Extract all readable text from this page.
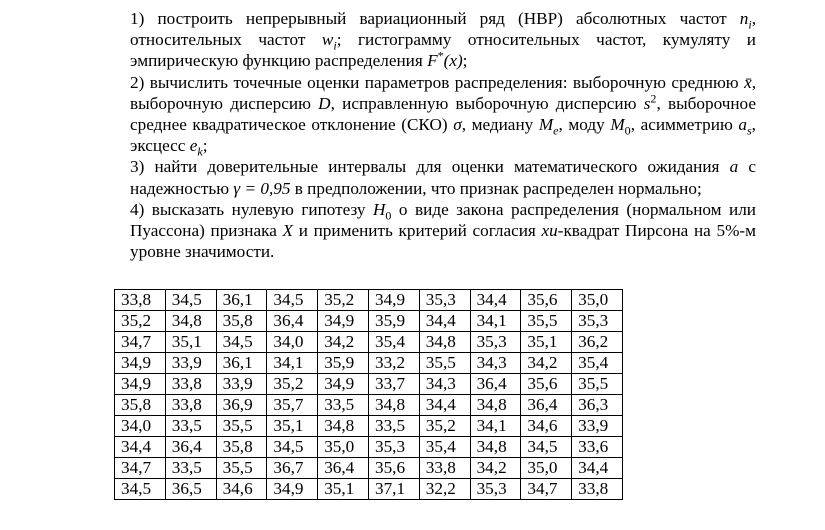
1) построить непрерывный вариационный ряд (НВР) абсолютных частот $n_i$, относительных частот $w_i$; гистограмму относительных частот, кумуляту и эмпирическую функцию распределения F*(x);

2) вычислить точечные оценки параметров распределения: выборочную среднюю x̄, выборочную дисперсию D, исправленную выборочную дисперсию $s^2$, выборочное среднее квадратическое отклонение (СКО) σ, медиану $M_e$, моду $M_0$, асимметрию $a_s$, эксцесс $e_k$;

3) найти доверительные интервалы для оценки математического ожидания a с надежностью γ = 0,95 в предположении, что признак распределен нормально;

4) высказать нулевую гипотезу $H_0$ о виде закона распределения (нормальном или Пуассона) признака X и применить критерий согласия хи-квадрат Пирсона на 5%-м уровне значимости.

33,8	34,5	36,1	34,5	35,2	34,9	35,3	34,4	35,6	35,0
35,2	34,8	35,8	36,4	34,9	35,9	34,4	34,1	35,5	35,3
34,7	35,1	34,5	34,0	34,2	35,4	34,8	35,3	35,1	36,2
34,9	33,9	36,1	34,1	35,9	33,2	35,5	34,3	34,2	35,4
34,9	33,8	33,9	35,2	34,9	33,7	34,3	36,4	35,6	35,5
35,8	33,8	36,9	35,7	33,5	34,8	34,4	34,8	36,4	36,3
34,0	33,5	35,5	35,1	34,8	33,5	35,2	34,1	34,6	33,9
34,4	36,4	35,8	34,5	35,0	35,3	35,4	34,8	34,5	33,6
34,7	33,5	35,5	36,7	36,4	35,6	33,8	34,2	35,0	34,4
34,5	36,5	34,6	34,9	35,1	37,1	32,2	35,3	34,7	33,8
